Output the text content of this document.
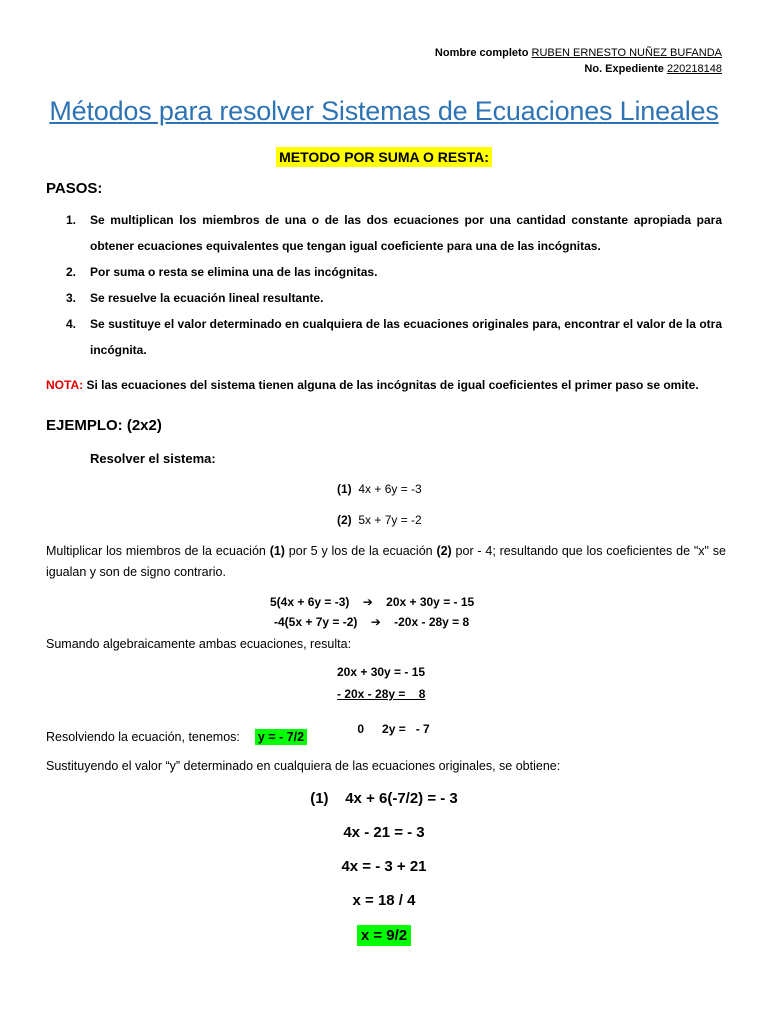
Nombre completo RUBEN ERNESTO NUÑEZ BUFANDA
No. Expediente 220218148
Métodos para resolver Sistemas de Ecuaciones Lineales
METODO POR SUMA O RESTA:
PASOS:
1. Se multiplican los miembros de una o de las dos ecuaciones por una cantidad constante apropiada para obtener ecuaciones equivalentes que tengan igual coeficiente para una de las incógnitas.
2. Por suma o resta se elimina una de las incógnitas.
3. Se resuelve la ecuación lineal resultante.
4. Se sustituye el valor determinado en cualquiera de las ecuaciones originales para, encontrar el valor de la otra incógnita.
NOTA: Si las ecuaciones del sistema tienen alguna de las incógnitas de igual coeficientes el primer paso se omite.
EJEMPLO: (2x2)
Resolver el sistema:
(1) 4x + 6y = -3
(2) 5x + 7y = -2
Multiplicar los miembros de la ecuación (1) por 5 y los de la ecuación (2) por - 4; resultando que los coeficientes de "x" se igualan y son de signo contrario.
5(4x + 6y = -3) ➔ 20x + 30y = - 15
-4(5x + 7y = -2) ➔ -20x - 28y = 8
Sumando algebraicamente ambas ecuaciones, resulta:
20x + 30y = - 15
- 20x - 28y =    8

0 2y =   - 7

Resolviendo la ecuación, tenemos: y = - 7/2
Sustituyendo el valor “y” determinado en cualquiera de las ecuaciones originales, se obtiene:
(1) 4x + 6(-7/2) = - 3
4x - 21 = - 3
4x = - 3 + 21
x = 18 / 4
x = 9/2
